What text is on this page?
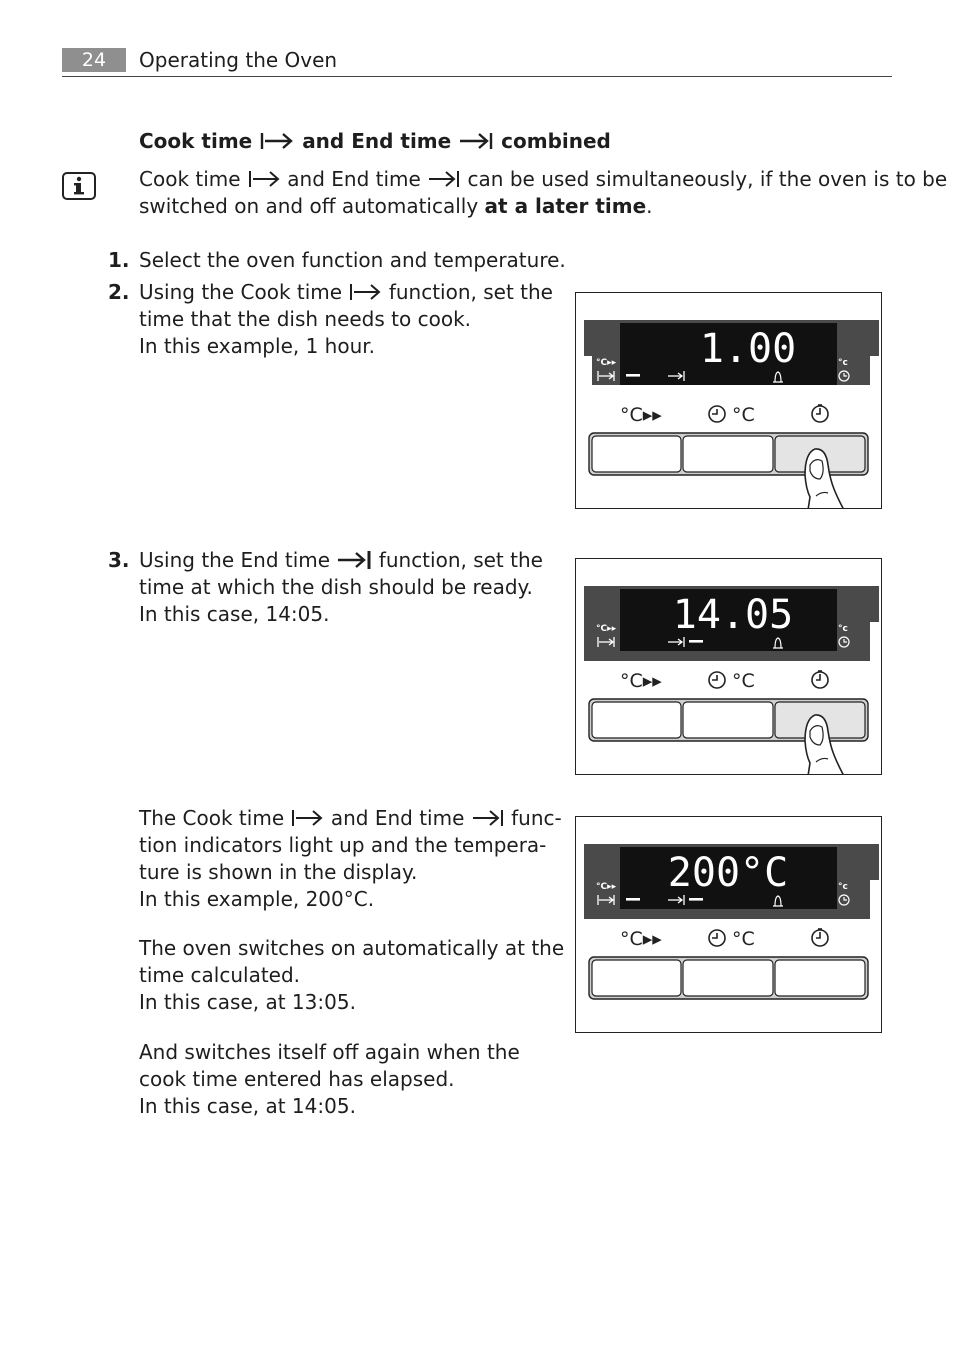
24	Operating the Oven
Cook time and End time combined
Cook time and End time can be used simultaneously, if the oven is to be
switched on and off automatically at a later time.
1. Select the oven function and temperature.
2. Using the Cook time function, set the
time that the dish needs to cook.
In this example, 1 hour.
3. Using the End time function, set the
time at which the dish should be ready.
In this case, 14:05.
The Cook time and End time func-
tion indicators light up and the tempera-
ture is shown in the display.
In this example, 200°C.
The oven switches on automatically at the
time calculated.
In this case, at 13:05.
And switches itself off again when the
cook time entered has elapsed.
In this case, at 14:05.
°C▸▸	°c
1.00
°C▸▸	°C
°C▸▸	°c
14.05
°C▸▸	°C
°C▸▸	°c
200°C
°C▸▸	°C
